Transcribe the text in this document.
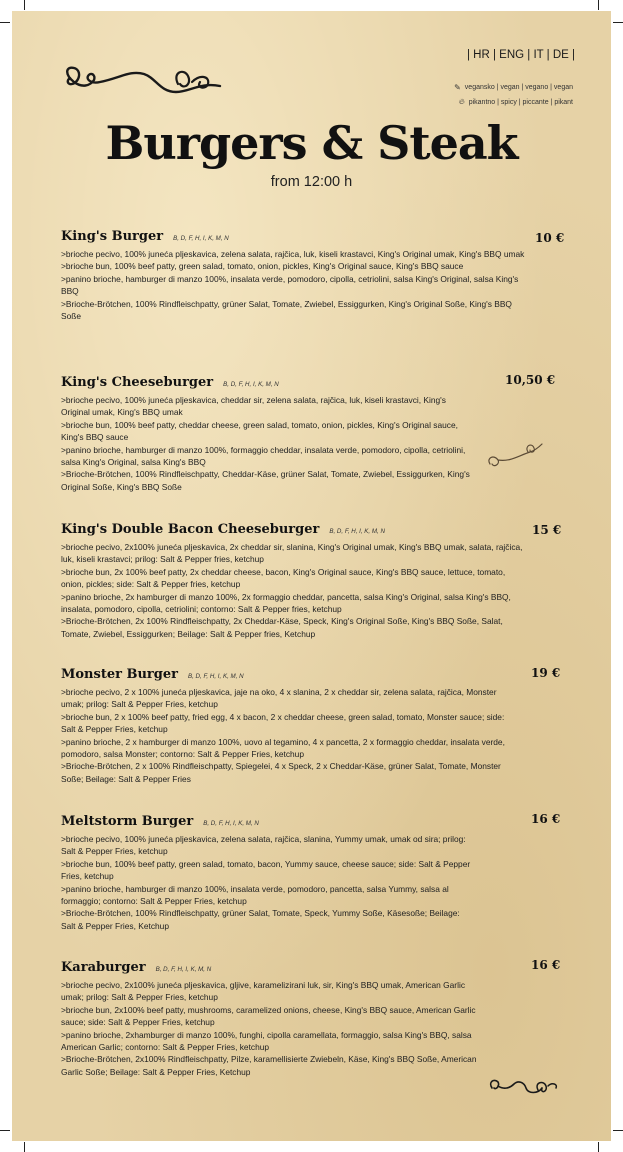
| HR | ENG | IT | DE |
✎ vegansko | vegan | vegano | vegan
🔥︎ pikantno | spicy | piccante | pikant
Burgers & Steak
from 12:00 h
King's Burger B, D, F, H, I, K, M, N
>brioche pecivo, 100% juneća pljeskavica, zelena salata, rajčica, luk, kiseli krastavci, King's Original umak, King's BBQ umak
>brioche bun, 100% beef patty, green salad, tomato, onion, pickles, King's Original sauce, King's BBQ sauce
>panino brioche, hamburger di manzo 100%, insalata verde, pomodoro, cipolla, cetriolini, salsa King's Original, salsa King's BBQ
>Brioche-Brötchen, 100% Rindfleischpatty, grüner Salat, Tomate, Zwiebel, Essiggurken, King's Original Soße, King's BBQ Soße
10 €
King's Cheeseburger B, D, F, H, I, K, M, N
>brioche pecivo, 100% juneća pljeskavica, cheddar sir, zelena salata, rajčica, luk, kiseli krastavci, King's Original umak, King's BBQ umak
>brioche bun, 100% beef patty, cheddar cheese, green salad, tomato, onion, pickles, King's Original sauce, King's BBQ sauce
>panino brioche, hamburger di manzo 100%, formaggio cheddar, insalata verde, pomodoro, cipolla, cetriolini, salsa King's Original, salsa King's BBQ
>Brioche-Brötchen, 100% Rindfleischpatty, Cheddar-Käse, grüner Salat, Tomate, Zwiebel, Essiggurken, King's Original Soße, King's BBQ Soße
10,50 €
King's Double Bacon Cheeseburger B, D, F, H, I, K, M, N
>brioche pecivo, 2x100% juneća pljeskavica, 2x cheddar sir, slanina, King's Original umak, King's BBQ umak, salata, rajčica, luk, kiseli krastavci; prilog: Salt & Pepper fries, ketchup
>brioche bun, 2x 100% beef patty, 2x cheddar cheese, bacon, King's Original sauce, King's BBQ sauce, lettuce, tomato, onion, pickles; side: Salt & Pepper fries, ketchup
>panino brioche, 2x hamburger di manzo 100%, 2x formaggio cheddar, pancetta, salsa King's Original, salsa King's BBQ, insalata, pomodoro, cipolla, cetriolini; contorno: Salt & Pepper fries, ketchup
>Brioche-Brötchen, 2x 100% Rindfleischpatty, 2x Cheddar-Käse, Speck, King's Original Soße, King's BBQ Soße, Salat, Tomate, Zwiebel, Essiggurken; Beilage: Salt & Pepper fries, Ketchup
15 €
Monster Burger B, D, F, H, I, K, M, N
>brioche pecivo, 2 x 100% juneća pljeskavica, jaje na oko, 4 x slanina, 2 x cheddar sir, zelena salata, rajčica, Monster umak; prilog: Salt & Pepper Fries, ketchup
>brioche bun, 2 x 100% beef patty, fried egg, 4 x bacon, 2 x cheddar cheese, green salad, tomato, Monster sauce; side: Salt & Pepper Fries, ketchup
>panino brioche, 2 x hamburger di manzo 100%, uovo al tegamino, 4 x pancetta, 2 x formaggio cheddar, insalata verde, pomodoro, salsa Monster; contorno: Salt & Pepper Fries, ketchup
>Brioche-Brötchen, 2 x 100% Rindfleischpatty, Spiegelei, 4 x Speck, 2 x Cheddar-Käse, grüner Salat, Tomate, Monster Soße; Beilage: Salt & Pepper Fries
19 €
Meltstorm Burger B, D, F, H, I, K, M, N
>brioche pecivo, 100% juneća pljeskavica, zelena salata, rajčica, slanina, Yummy umak, umak od sira; prilog: Salt & Pepper Fries, ketchup
>brioche bun, 100% beef patty, green salad, tomato, bacon, Yummy sauce, cheese sauce; side: Salt & Pepper Fries, ketchup
>panino brioche, hamburger di manzo 100%, insalata verde, pomodoro, pancetta, salsa Yummy, salsa al formaggio; contorno: Salt & Pepper Fries, ketchup
>Brioche-Brötchen, 100% Rindfleischpatty, grüner Salat, Tomate, Speck, Yummy Soße, Käsesoße; Beilage: Salt & Pepper Fries, Ketchup
16 €
Karaburger B, D, F, H, I, K, M, N
>brioche pecivo, 2x100% juneća pljeskavica, gljive, karamelizirani luk, sir, King's BBQ umak, American Garlic umak; prilog: Salt & Pepper Fries, ketchup
>brioche bun, 2x100% beef patty, mushrooms, caramelized onions, cheese, King's BBQ sauce, American Garlic sauce; side: Salt & Pepper Fries, ketchup
>panino brioche, 2xhamburger di manzo 100%, funghi, cipolla caramellata, formaggio, salsa King's BBQ, salsa American Garlic; contorno: Salt & Pepper Fries, ketchup
>Brioche-Brötchen, 2x100% Rindfleischpatty, Pilze, karamellisierte Zwiebeln, Käse, King's BBQ Soße, American Garlic Soße; Beilage: Salt & Pepper Fries, Ketchup
16 €
